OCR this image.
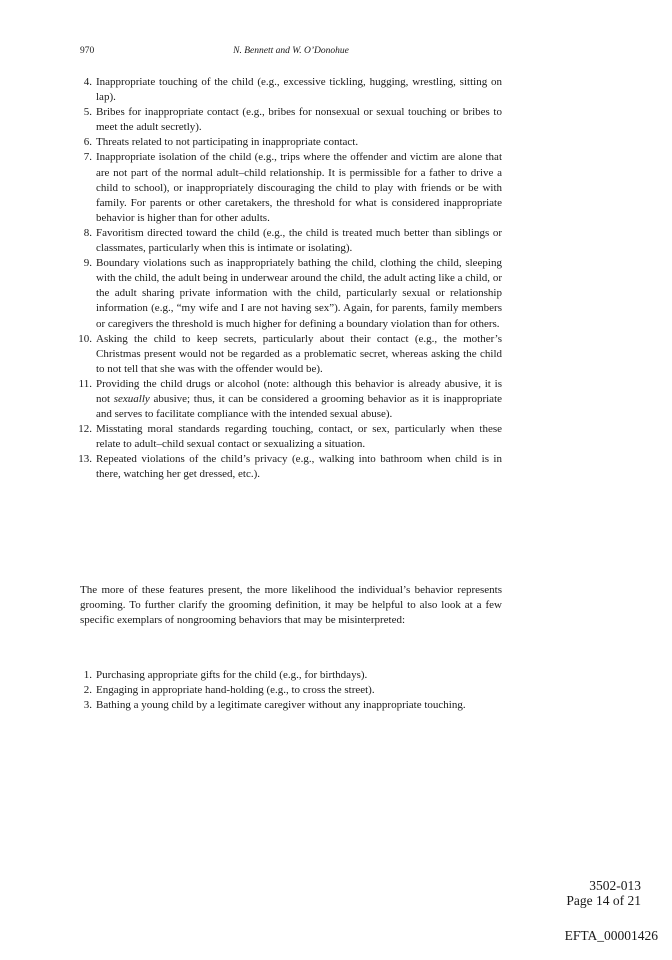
970	N. Bennett and W. O’Donohue
4. Inappropriate touching of the child (e.g., excessive tickling, hugging, wrestling, sitting on lap).
5. Bribes for inappropriate contact (e.g., bribes for nonsexual or sexual touching or bribes to meet the adult secretly).
6. Threats related to not participating in inappropriate contact.
7. Inappropriate isolation of the child (e.g., trips where the offender and victim are alone that are not part of the normal adult–child relationship. It is permissible for a father to drive a child to school), or inappropriately discouraging the child to play with friends or be with family. For parents or other caretakers, the threshold for what is considered inappropriate behavior is higher than for other adults.
8. Favoritism directed toward the child (e.g., the child is treated much better than siblings or classmates, particularly when this is intimate or isolating).
9. Boundary violations such as inappropriately bathing the child, clothing the child, sleeping with the child, the adult being in underwear around the child, the adult acting like a child, or the adult sharing private information with the child, particularly sexual or relationship information (e.g., “my wife and I are not having sex”). Again, for parents, family members or caregivers the threshold is much higher for defining a boundary violation than for others.
10. Asking the child to keep secrets, particularly about their contact (e.g., the mother’s Christmas present would not be regarded as a problematic secret, whereas asking the child to not tell that she was with the offender would be).
11. Providing the child drugs or alcohol (note: although this behavior is already abusive, it is not sexually abusive; thus, it can be considered a grooming behavior as it is inappropriate and serves to facilitate compliance with the intended sexual abuse).
12. Misstating moral standards regarding touching, contact, or sex, particularly when these relate to adult–child sexual contact or sexualizing a situation.
13. Repeated violations of the child’s privacy (e.g., walking into bathroom when child is in there, watching her get dressed, etc.).

The more of these features present, the more likelihood the individual’s behavior represents grooming. To further clarify the grooming definition, it may be helpful to also look at a few specific exemplars of nongrooming behaviors that may be misinterpreted:

1. Purchasing appropriate gifts for the child (e.g., for birthdays).
2. Engaging in appropriate hand-holding (e.g., to cross the street).
3. Bathing a young child by a legitimate caregiver without any inappropriate touching.
3502-013
Page 14 of 21
EFTA_00001426
